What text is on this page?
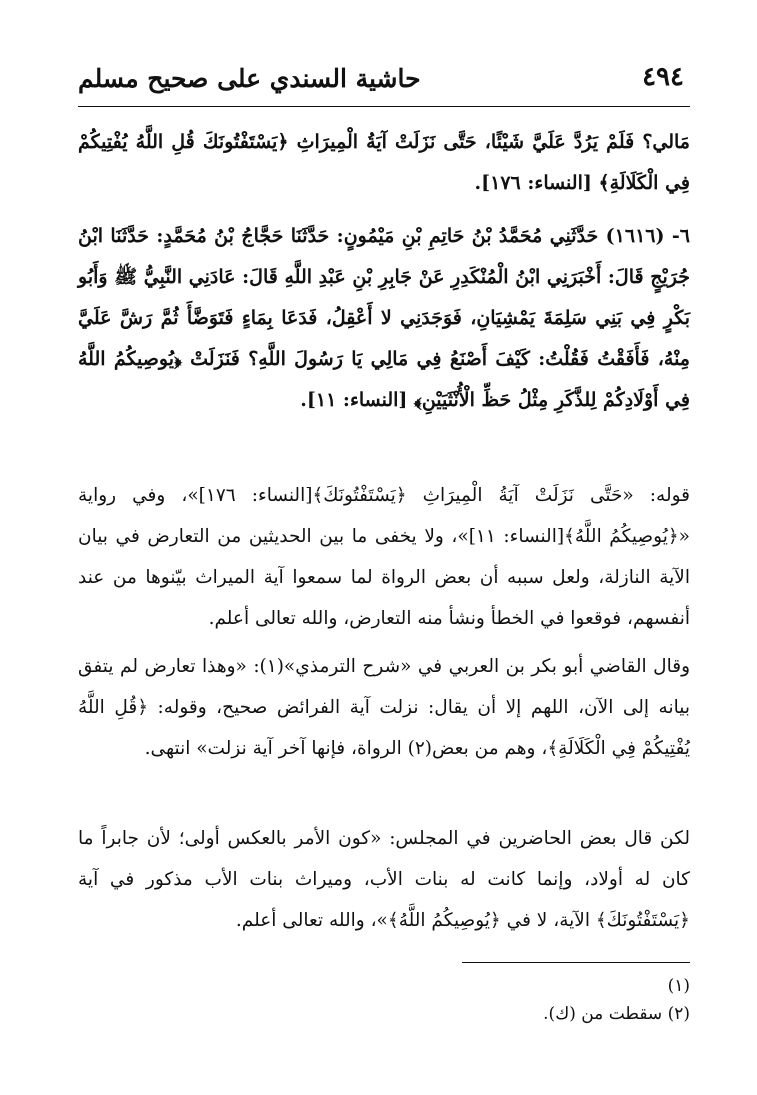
٤٩٤
حاشية السندي على صحيح مسلم
مَالي؟ فَلَمْ يَرُدَّ عَلَيَّ شَيْئًا، حَتَّى نَزَلَتْ آيَةُ الْمِيرَاثِ ﴿يَسْتَفْتُونَكَ قُلِ اللَّهُ يُفْتِيكُمْ فِي الْكَلَالَةِ﴾ [النساء: ١٧٦].
٦- (١٦١٦) حَدَّثَنِي مُحَمَّدُ بْنُ حَاتِمِ بْنِ مَيْمُونٍ: حَدَّثَنَا حَجَّاجُ بْنُ مُحَمَّدٍ: حَدَّثَنَا ابْنُ جُرَيْجٍ قَالَ: أَخْبَرَنِي ابْنُ الْمُنْكَدِرِ عَنْ جَابِرِ بْنِ عَبْدِ اللَّهِ قَالَ: عَادَنِي النَّبِيُّ ﷺ وَأَبُو بَكْرٍ فِي بَنِي سَلِمَةَ يَمْشِيَانِ، فَوَجَدَنِي لا أَعْقِلُ، فَدَعَا بِمَاءٍ فَتَوَضَّأَ ثُمَّ رَشَّ عَلَيَّ مِنْهُ، فَأَفَقْتُ فَقُلْتُ: كَيْفَ أَصْنَعُ فِي مَالِي يَا رَسُولَ اللَّهِ؟ فَنَزَلَتْ ﴿يُوصِيكُمُ اللَّهُ فِي أَوْلَادِكُمْ لِلذَّكَرِ مِثْلُ حَظِّ الْأُنْثَيَيْنِ﴾ [النساء: ١١].
قوله: «حَتَّى نَزَلَتْ آيَةُ الْمِيرَاثِ ﴿يَسْتَفْتُونَكَ﴾[النساء: ١٧٦]»، وفي رواية «﴿يُوصِيكُمُ اللَّهُ﴾[النساء: ١١]»، ولا يخفى ما بين الحديثين من التعارض في بيان الآية النازلة، ولعل سببه أن بعض الرواة لما سمعوا آية الميراث بيّنوها من عند أنفسهم، فوقعوا في الخطأ ونشأ منه التعارض، والله تعالى أعلم.
وقال القاضي أبو بكر بن العربي في «شرح الترمذي»(١): «وهذا تعارض لم يتفق بيانه إلى الآن، اللهم إلا أن يقال: نزلت آية الفرائض صحيح، وقوله: ﴿قُلِ اللَّهُ يُفْتِيكُمْ فِي الْكَلَالَةِ﴾، وهم من بعض(٢) الرواة، فإنها آخر آية نزلت» انتهى.
لكن قال بعض الحاضرين في المجلس: «كون الأمر بالعكس أولى؛ لأن جابراً ما كان له أولاد، وإنما كانت له بنات الأب، وميراث بنات الأب مذكور في آية ﴿يَسْتَفْتُونَكَ﴾ الآية، لا في ﴿يُوصِيكُمُ اللَّهُ﴾»، والله تعالى أعلم.
(١)
(٢) سقطت من (ك).
